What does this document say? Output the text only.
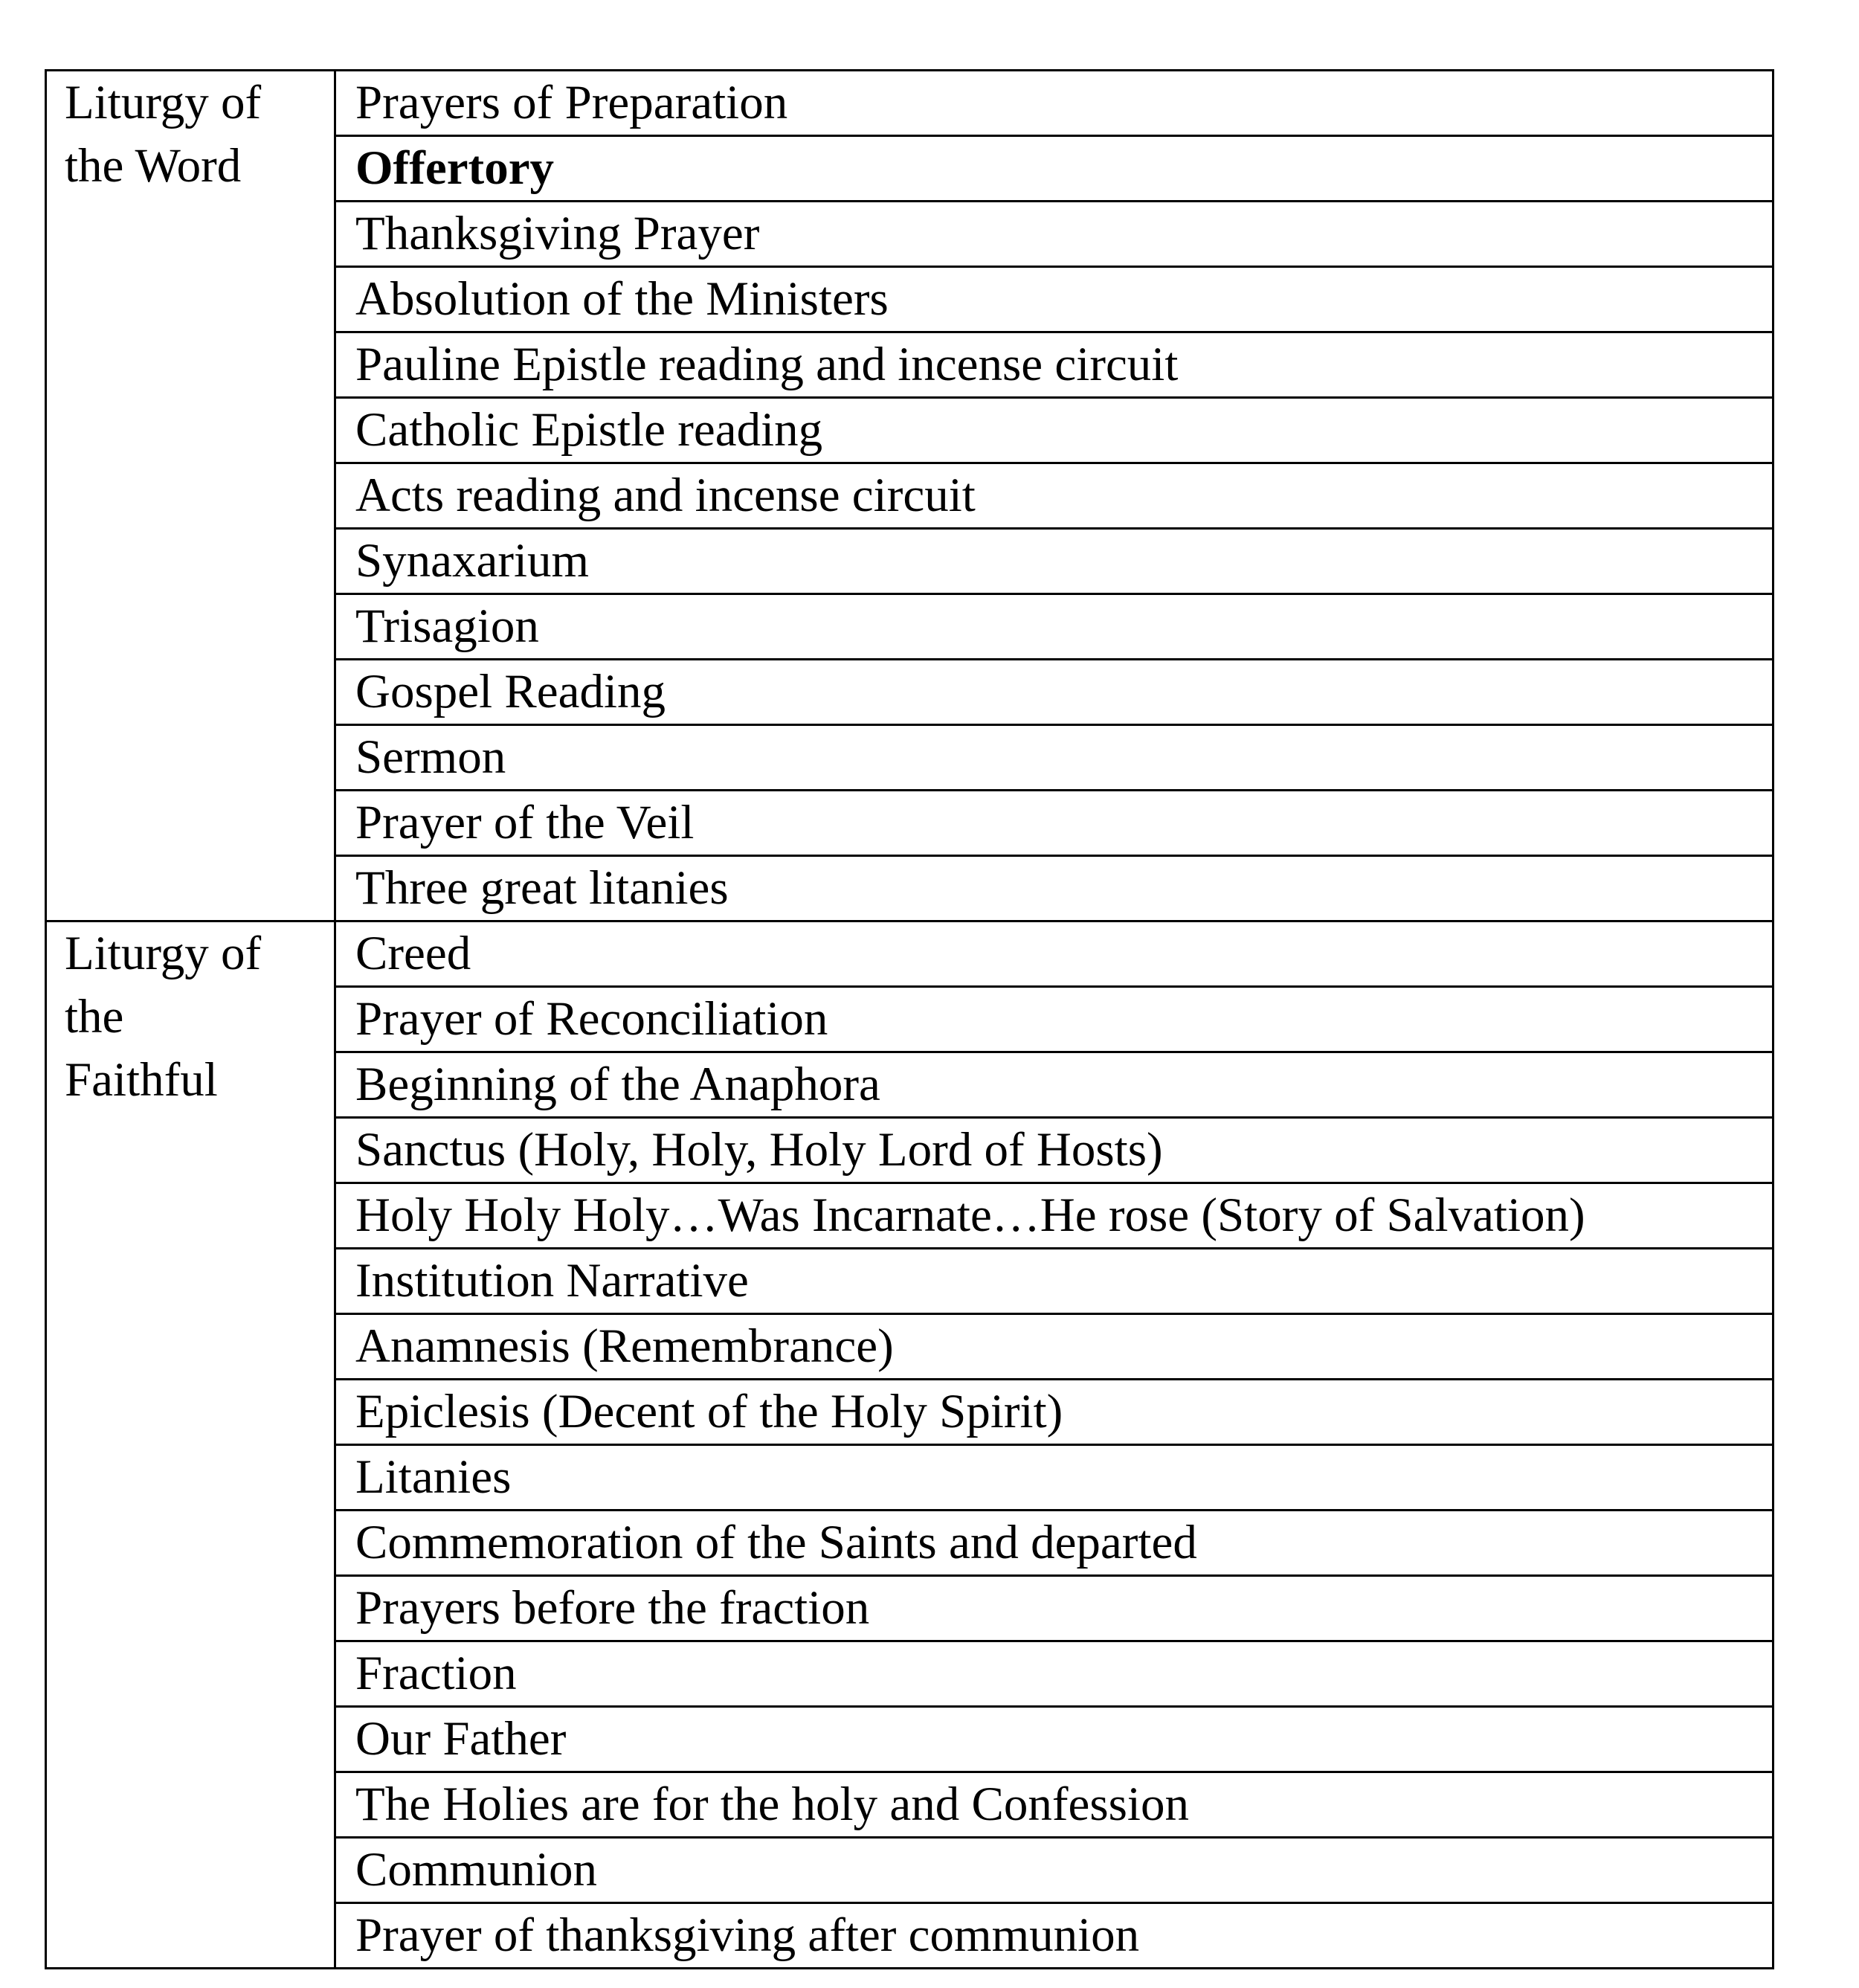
Liturgy of
the Word	Prayers of Preparation
	Offertory
	Thanksgiving Prayer
	Absolution of the Ministers
	Pauline Epistle reading and incense circuit
	Catholic Epistle reading
	Acts reading and incense circuit
	Synaxarium
	Trisagion
	Gospel Reading
	Sermon
	Prayer of the Veil
	Three great litanies

Liturgy of
the
Faithful	Creed
	Prayer of Reconciliation
	Beginning of the Anaphora
	Sanctus (Holy, Holy, Holy Lord of Hosts)
	Holy Holy Holy…Was Incarnate…He rose (Story of Salvation)
	Institution Narrative
	Anamnesis (Remembrance)
	Epiclesis (Decent of the Holy Spirit)
	Litanies
	Commemoration of the Saints and departed
	Prayers before the fraction
	Fraction
	Our Father
	The Holies are for the holy and Confession
	Communion
	Prayer of thanksgiving after communion
